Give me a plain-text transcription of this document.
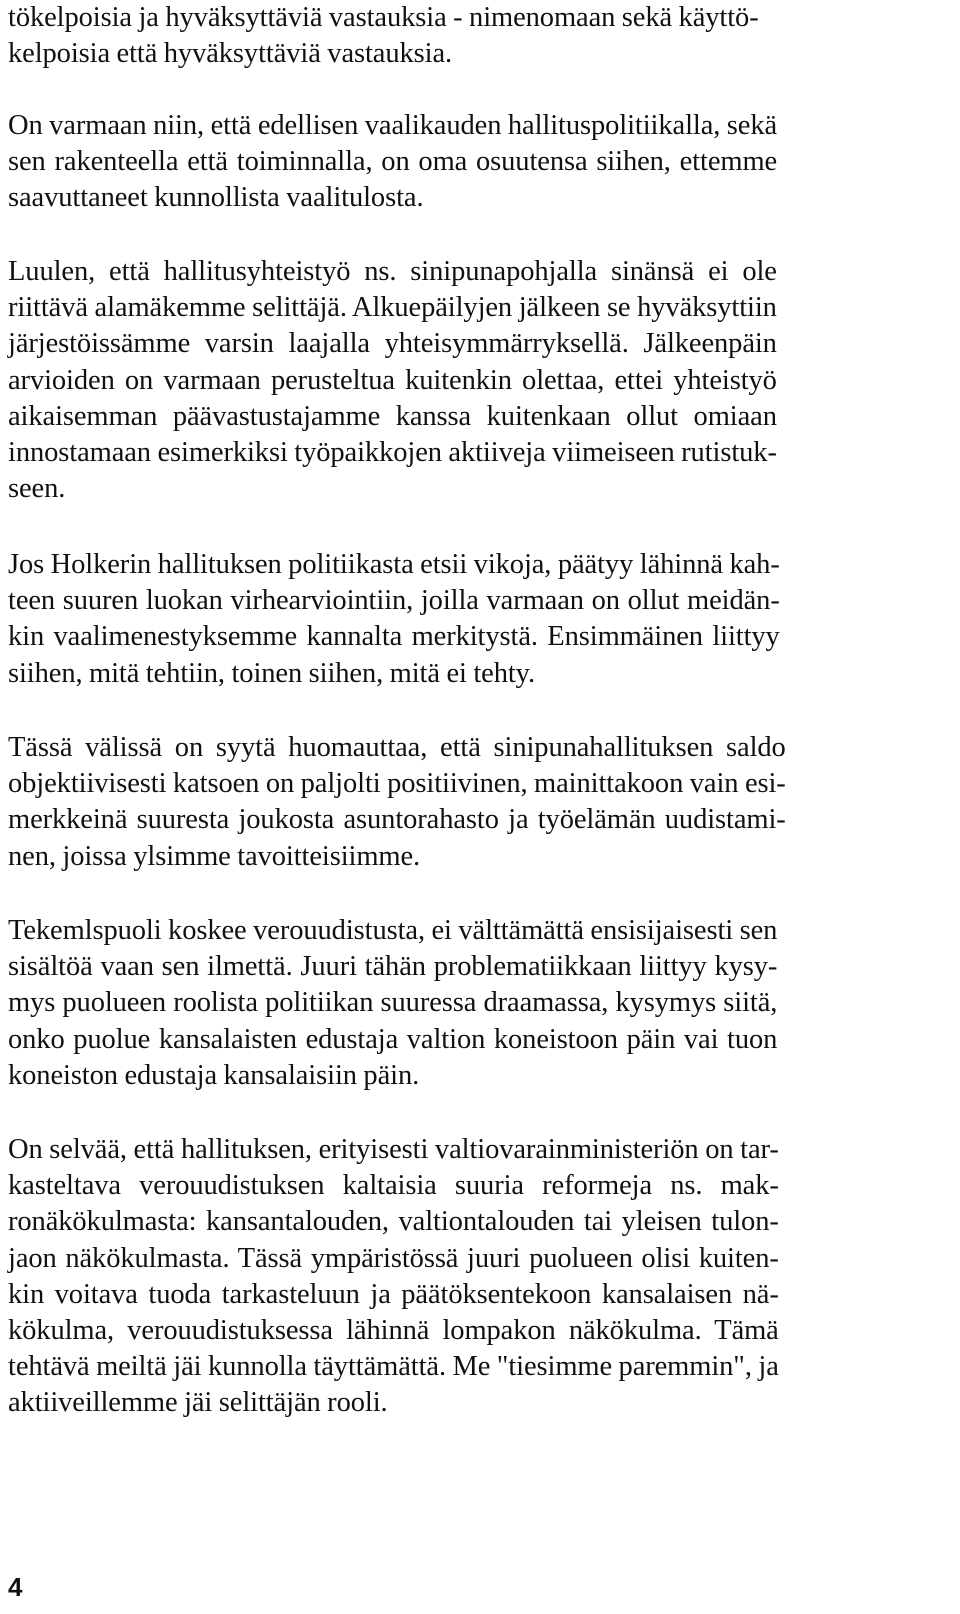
tökelpoisia ja hyväksyttäviä vastauksia - nimenomaan sekä käyttö-
kelpoisia että hyväksyttäviä vastauksia.
On varmaan niin, että edellisen vaalikauden hallituspolitiikalla, sekä
sen rakenteella että toiminnalla, on oma osuutensa siihen, ettemme
saavuttaneet kunnollista vaalitulosta.
Luulen, että hallitusyhteistyö ns. sinipunapohjalla sinänsä ei ole
riittävä alamäkemme selittäjä. Alkuepäilyjen jälkeen se hyväksyttiin
järjestöissämme varsin laajalla yhteisymmärryksellä. Jälkeenpäin
arvioiden on varmaan perusteltua kuitenkin olettaa, ettei yhteistyö
aikaisemman päävastustajamme kanssa kuitenkaan ollut omiaan
innostamaan esimerkiksi työpaikkojen aktiiveja viimeiseen rutistuk-
seen.
Jos Holkerin hallituksen politiikasta etsii vikoja, päätyy lähinnä kah-
teen suuren luokan virhearviointiin, joilla varmaan on ollut meidän-
kin vaalimenestyksemme kannalta merkitystä. Ensimmäinen liittyy
siihen, mitä tehtiin, toinen siihen, mitä ei tehty.
Tässä välissä on syytä huomauttaa, että sinipunahallituksen saldo
objektiivisesti katsoen on paljolti positiivinen, mainittakoon vain esi-
merkkeinä suuresta joukosta asuntorahasto ja työelämän uudistami-
nen, joissa ylsimme tavoitteisiimme.
Tekemlspuoli koskee verouudistusta, ei välttämättä ensisijaisesti sen
sisältöä vaan sen ilmettä. Juuri tähän problematiikkaan liittyy kysy-
mys puolueen roolista politiikan suuressa draamassa, kysymys siitä,
onko puolue kansalaisten edustaja valtion koneistoon päin vai tuon
koneiston edustaja kansalaisiin päin.
On selvää, että hallituksen, erityisesti valtiovarainministeriön on tar-
kasteltava verouudistuksen kaltaisia suuria reformeja ns. mak-
ronäkökulmasta: kansantalouden, valtiontalouden tai yleisen tulon-
jaon näkökulmasta. Tässä ympäristössä juuri puolueen olisi kuiten-
kin voitava tuoda tarkasteluun ja päätöksentekoon kansalaisen nä-
kökulma, verouudistuksessa lähinnä lompakon näkökulma. Tämä
tehtävä meiltä jäi kunnolla täyttämättä. Me "tiesimme paremmin", ja
aktiiveillemme jäi selittäjän rooli.
4
